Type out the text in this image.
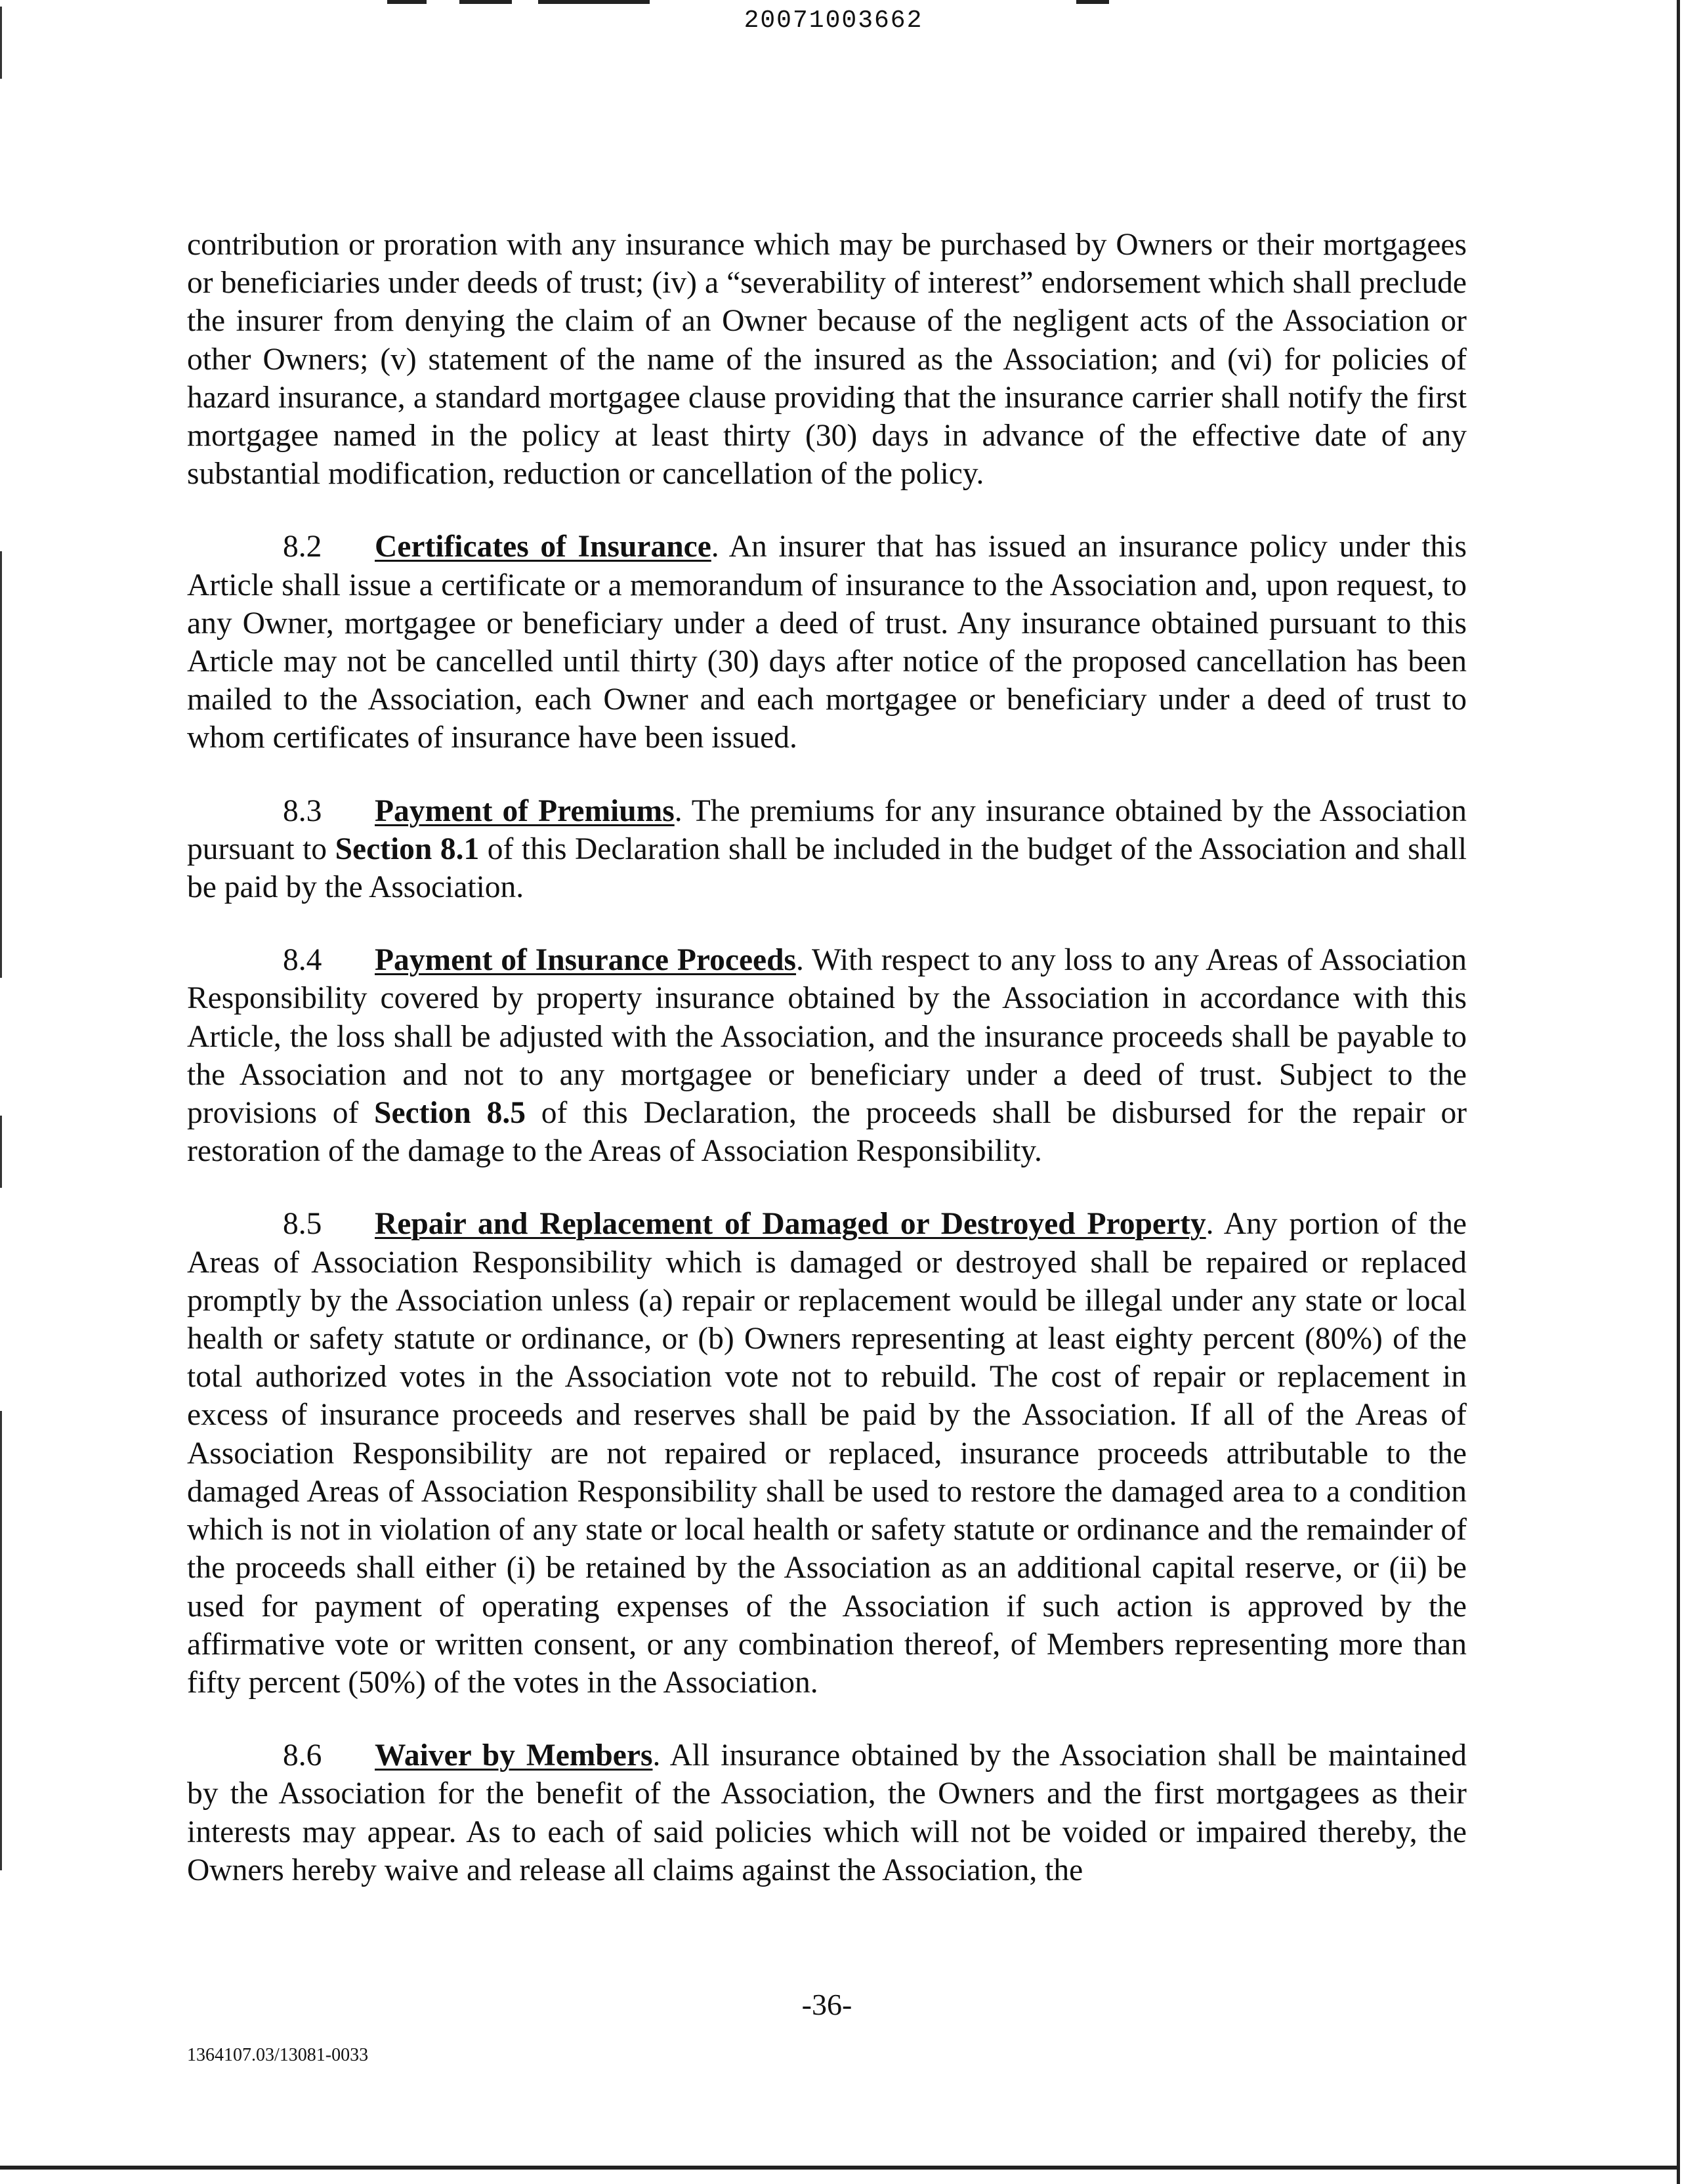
20071003662

contribution or proration with any insurance which may be purchased by Owners or their mortgagees or beneficiaries under deeds of trust; (iv) a “severability of interest” endorsement which shall preclude the insurer from denying the claim of an Owner because of the negligent acts of the Association or other Owners; (v) statement of the name of the insured as the Association; and (vi) for policies of hazard insurance, a standard mortgagee clause providing that the insurance carrier shall notify the first mortgagee named in the policy at least thirty (30) days in advance of the effective date of any substantial modification, reduction or cancellation of the policy.

8.2 Certificates of Insurance. An insurer that has issued an insurance policy under this Article shall issue a certificate or a memorandum of insurance to the Association and, upon request, to any Owner, mortgagee or beneficiary under a deed of trust. Any insurance obtained pursuant to this Article may not be cancelled until thirty (30) days after notice of the proposed cancellation has been mailed to the Association, each Owner and each mortgagee or beneficiary under a deed of trust to whom certificates of insurance have been issued.

8.3 Payment of Premiums. The premiums for any insurance obtained by the Association pursuant to Section 8.1 of this Declaration shall be included in the budget of the Association and shall be paid by the Association.

8.4 Payment of Insurance Proceeds. With respect to any loss to any Areas of Association Responsibility covered by property insurance obtained by the Association in accordance with this Article, the loss shall be adjusted with the Association, and the insurance proceeds shall be payable to the Association and not to any mortgagee or beneficiary under a deed of trust. Subject to the provisions of Section 8.5 of this Declaration, the proceeds shall be disbursed for the repair or restoration of the damage to the Areas of Association Responsibility.

8.5 Repair and Replacement of Damaged or Destroyed Property. Any portion of the Areas of Association Responsibility which is damaged or destroyed shall be repaired or replaced promptly by the Association unless (a) repair or replacement would be illegal under any state or local health or safety statute or ordinance, or (b) Owners representing at least eighty percent (80%) of the total authorized votes in the Association vote not to rebuild. The cost of repair or replacement in excess of insurance proceeds and reserves shall be paid by the Association. If all of the Areas of Association Responsibility are not repaired or replaced, insurance proceeds attributable to the damaged Areas of Association Responsibility shall be used to restore the damaged area to a condition which is not in violation of any state or local health or safety statute or ordinance and the remainder of the proceeds shall either (i) be retained by the Association as an additional capital reserve, or (ii) be used for payment of operating expenses of the Association if such action is approved by the affirmative vote or written consent, or any combination thereof, of Members representing more than fifty percent (50%) of the votes in the Association.

8.6 Waiver by Members. All insurance obtained by the Association shall be maintained by the Association for the benefit of the Association, the Owners and the first mortgagees as their interests may appear. As to each of said policies which will not be voided or impaired thereby, the Owners hereby waive and release all claims against the Association, the

-36-
1364107.03/13081-0033
